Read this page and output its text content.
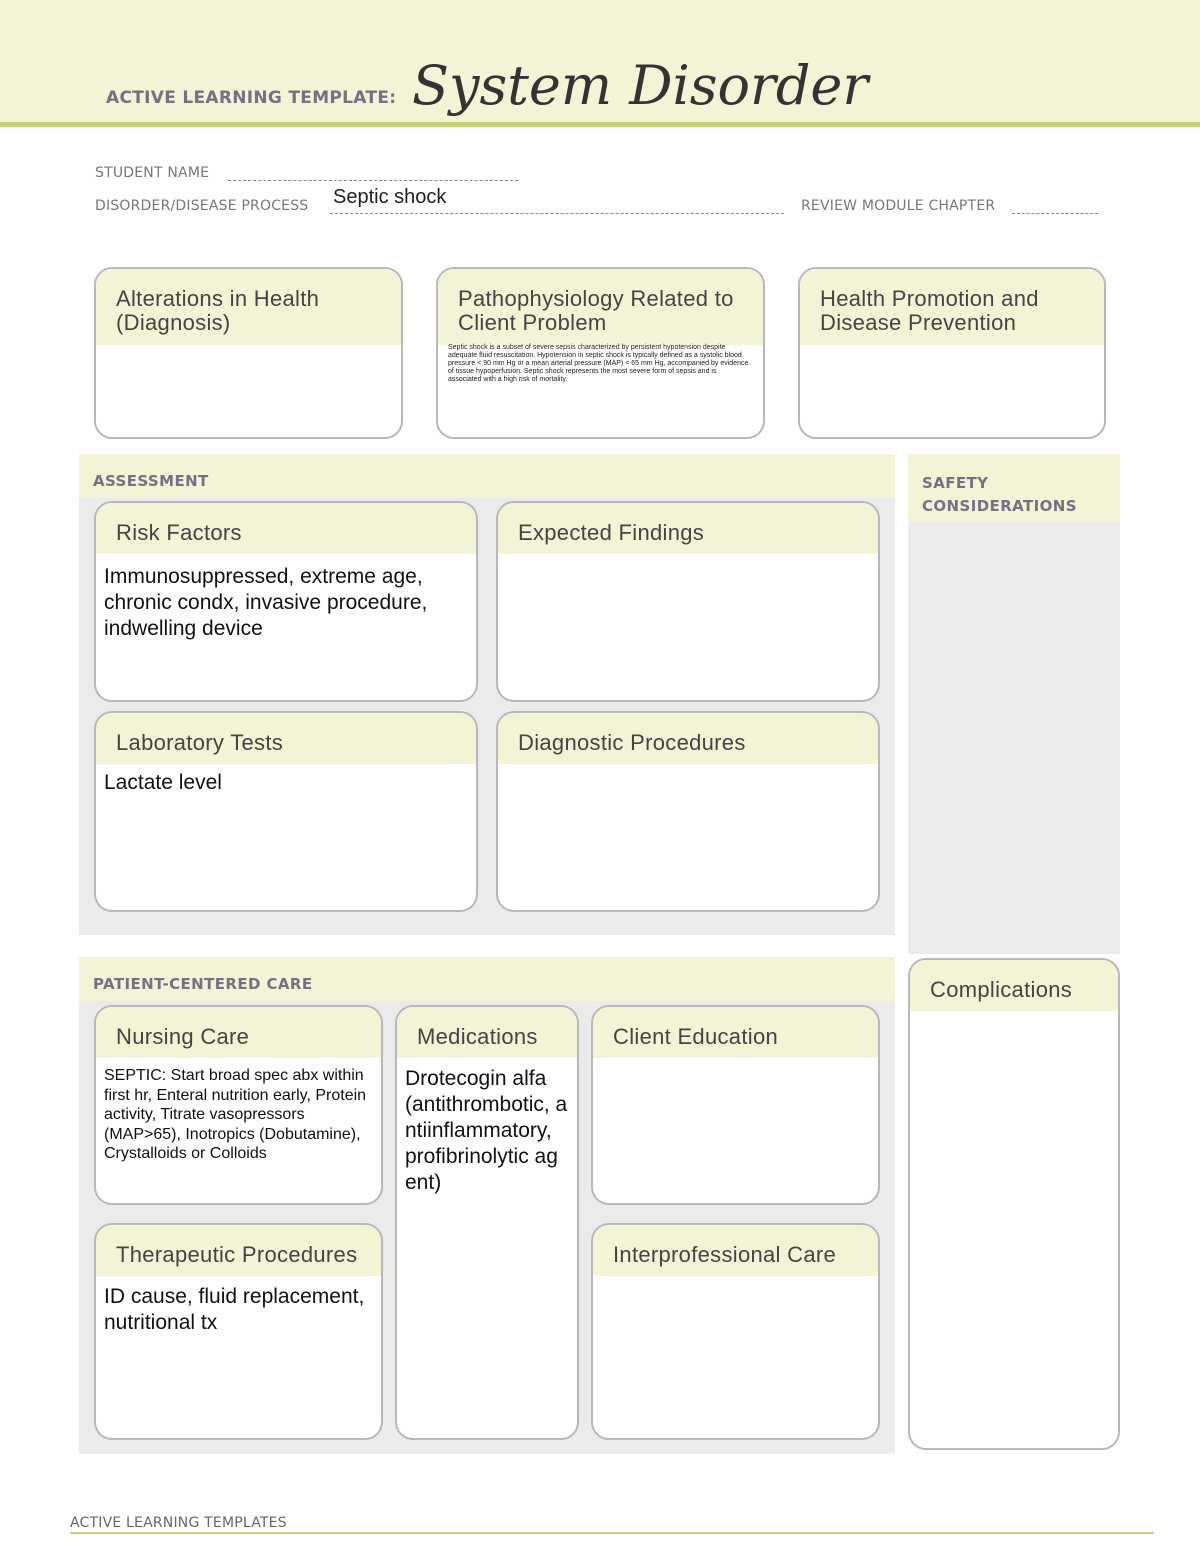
ACTIVE LEARNING TEMPLATE: System Disorder
STUDENT NAME
DISORDER/DISEASE PROCESS Septic shock	REVIEW MODULE CHAPTER
Alterations in Health (Diagnosis)
Pathophysiology Related to Client Problem
Septic shock is a subset of severe sepsis characterized by persistent hypotension despite adequate fluid resuscitation. Hypotension in septic shock is typically defined as a systolic blood pressure < 90 mm Hg or a mean arterial pressure (MAP) < 65 mm Hg, accompanied by evidence of tissue hypoperfusion. Septic shock represents the most severe form of sepsis and is associated with a high risk of mortality.
Health Promotion and Disease Prevention
ASSESSMENT
Risk Factors
Immunosuppressed, extreme age, chronic condx, invasive procedure, indwelling device
Expected Findings
Laboratory Tests
Lactate level
Diagnostic Procedures
SAFETY CONSIDERATIONS
PATIENT-CENTERED CARE
Nursing Care
SEPTIC: Start broad spec abx within first hr, Enteral nutrition early, Protein activity, Titrate vasopressors (MAP>65), Inotropics (Dobutamine), Crystalloids or Colloids
Medications
Drotecogin alfa (antithrombotic, antiinflammatory, profibrinolytic agent)
Client Education
Therapeutic Procedures
ID cause, fluid replacement, nutritional tx
Interprofessional Care
Complications
ACTIVE LEARNING TEMPLATES
